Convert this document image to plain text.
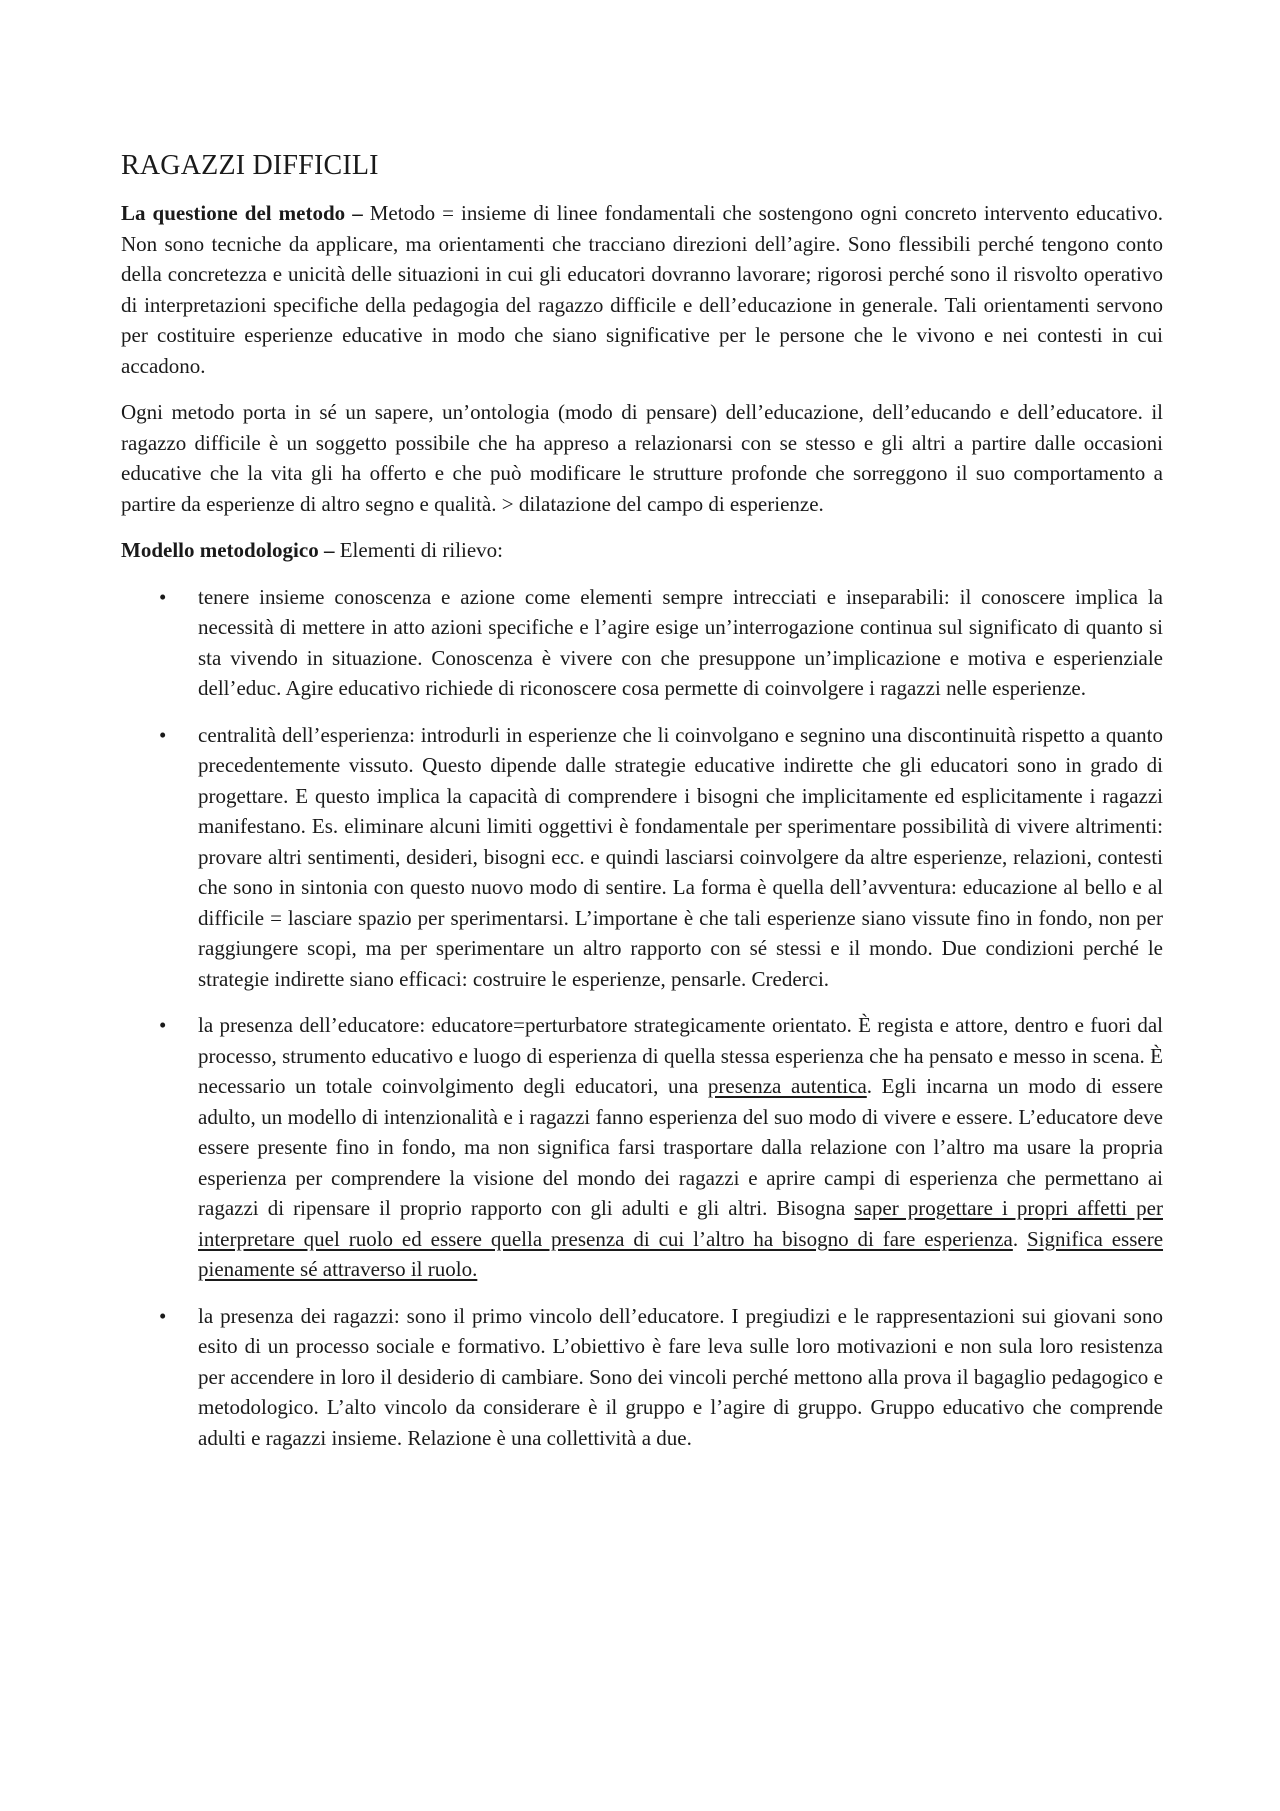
RAGAZZI DIFFICILI

La questione del metodo – Metodo = insieme di linee fondamentali che sostengono ogni concreto intervento educativo. Non sono tecniche da applicare, ma orientamenti che tracciano direzioni dell’agire. Sono flessibili perché tengono conto della concretezza e unicità delle situazioni in cui gli educatori dovranno lavorare; rigorosi perché sono il risvolto operativo di interpretazioni specifiche della pedagogia del ragazzo difficile e dell’educazione in generale. Tali orientamenti servono per costituire esperienze educative in modo che siano significative per le persone che le vivono e nei contesti in cui accadono.

Ogni metodo porta in sé un sapere, un’ontologia (modo di pensare) dell’educazione, dell’educando e dell’educatore. il ragazzo difficile è un soggetto possibile che ha appreso a relazionarsi con se stesso e gli altri a partire dalle occasioni educative che la vita gli ha offerto e che può modificare le strutture profonde che sorreggono il suo comportamento a partire da esperienze di altro segno e qualità. > dilatazione del campo di esperienze.

Modello metodologico – Elementi di rilievo:

• tenere insieme conoscenza e azione come elementi sempre intrecciati e inseparabili: il conoscere implica la necessità di mettere in atto azioni specifiche e l’agire esige un’interrogazione continua sul significato di quanto si sta vivendo in situazione. Conoscenza è vivere con che presuppone un’implicazione e motiva e esperienziale dell’educ. Agire educativo richiede di riconoscere cosa permette di coinvolgere i ragazzi nelle esperienze.
• centralità dell’esperienza: introdurli in esperienze che li coinvolgano e segnino una discontinuità rispetto a quanto precedentemente vissuto. Questo dipende dalle strategie educative indirette che gli educatori sono in grado di progettare. E questo implica la capacità di comprendere i bisogni che implicitamente ed esplicitamente i ragazzi manifestano. Es. eliminare alcuni limiti oggettivi è fondamentale per sperimentare possibilità di vivere altrimenti: provare altri sentimenti, desideri, bisogni ecc. e quindi lasciarsi coinvolgere da altre esperienze, relazioni, contesti che sono in sintonia con questo nuovo modo di sentire. La forma è quella dell’avventura: educazione al bello e al difficile = lasciare spazio per sperimentarsi. L’importane è che tali esperienze siano vissute fino in fondo, non per raggiungere scopi, ma per sperimentare un altro rapporto con sé stessi e il mondo. Due condizioni perché le strategie indirette siano efficaci: costruire le esperienze, pensarle. Crederci.
• la presenza dell’educatore: educatore=perturbatore strategicamente orientato. È regista e attore, dentro e fuori dal processo, strumento educativo e luogo di esperienza di quella stessa esperienza che ha pensato e messo in scena. È necessario un totale coinvolgimento degli educatori, una presenza autentica. Egli incarna un modo di essere adulto, un modello di intenzionalità e i ragazzi fanno esperienza del suo modo di vivere e essere. L’educatore deve essere presente fino in fondo, ma non significa farsi trasportare dalla relazione con l’altro ma usare la propria esperienza per comprendere la visione del mondo dei ragazzi e aprire campi di esperienza che permettano ai ragazzi di ripensare il proprio rapporto con gli adulti e gli altri. Bisogna saper progettare i propri affetti per interpretare quel ruolo ed essere quella presenza di cui l’altro ha bisogno di fare esperienza. Significa essere pienamente sé attraverso il ruolo.
• la presenza dei ragazzi: sono il primo vincolo dell’educatore. I pregiudizi e le rappresentazioni sui giovani sono esito di un processo sociale e formativo. L’obiettivo è fare leva sulle loro motivazioni e non sula loro resistenza per accendere in loro il desiderio di cambiare. Sono dei vincoli perché mettono alla prova il bagaglio pedagogico e metodologico. L’alto vincolo da considerare è il gruppo e l’agire di gruppo. Gruppo educativo che comprende adulti e ragazzi insieme. Relazione è una collettività a due.
